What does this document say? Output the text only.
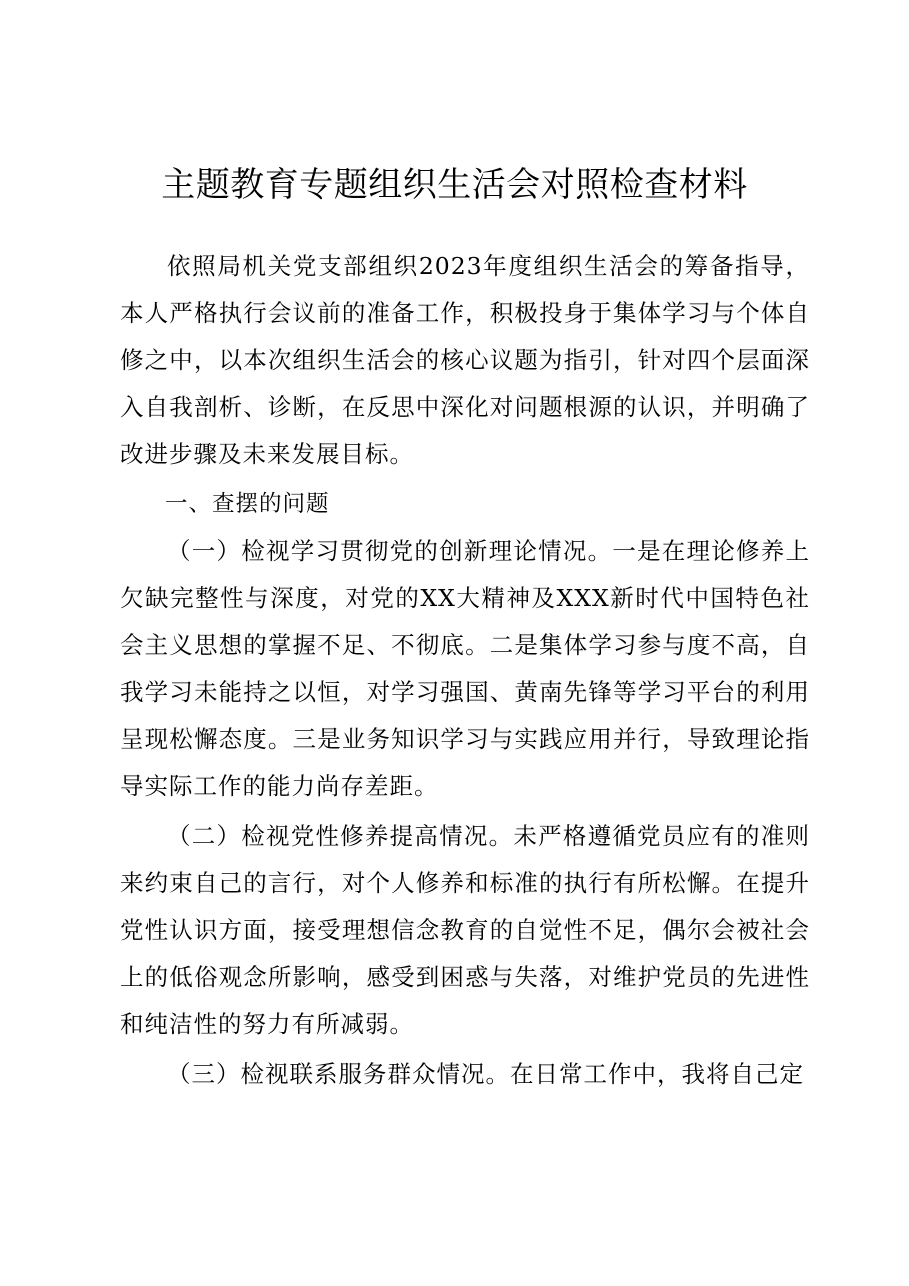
主题教育专题组织生活会对照检查材料

依照局机关党支部组织2023年度组织生活会的筹备指导，本人严格执行会议前的准备工作，积极投身于集体学习与个体自修之中，以本次组织生活会的核心议题为指引，针对四个层面深入自我剖析、诊断，在反思中深化对问题根源的认识，并明确了改进步骤及未来发展目标。

一、查摆的问题

（一）检视学习贯彻党的创新理论情况。一是在理论修养上欠缺完整性与深度，对党的XX大精神及XXX新时代中国特色社会主义思想的掌握不足、不彻底。二是集体学习参与度不高，自我学习未能持之以恒，对学习强国、黄南先锋等学习平台的利用呈现松懈态度。三是业务知识学习与实践应用并行，导致理论指导实际工作的能力尚存差距。

（二）检视党性修养提高情况。未严格遵循党员应有的准则来约束自己的言行，对个人修养和标准的执行有所松懈。在提升党性认识方面，接受理想信念教育的自觉性不足，偶尔会被社会上的低俗观念所影响，感受到困惑与失落，对维护党员的先进性和纯洁性的努力有所减弱。

（三）检视联系服务群众情况。在日常工作中，我将自己定
